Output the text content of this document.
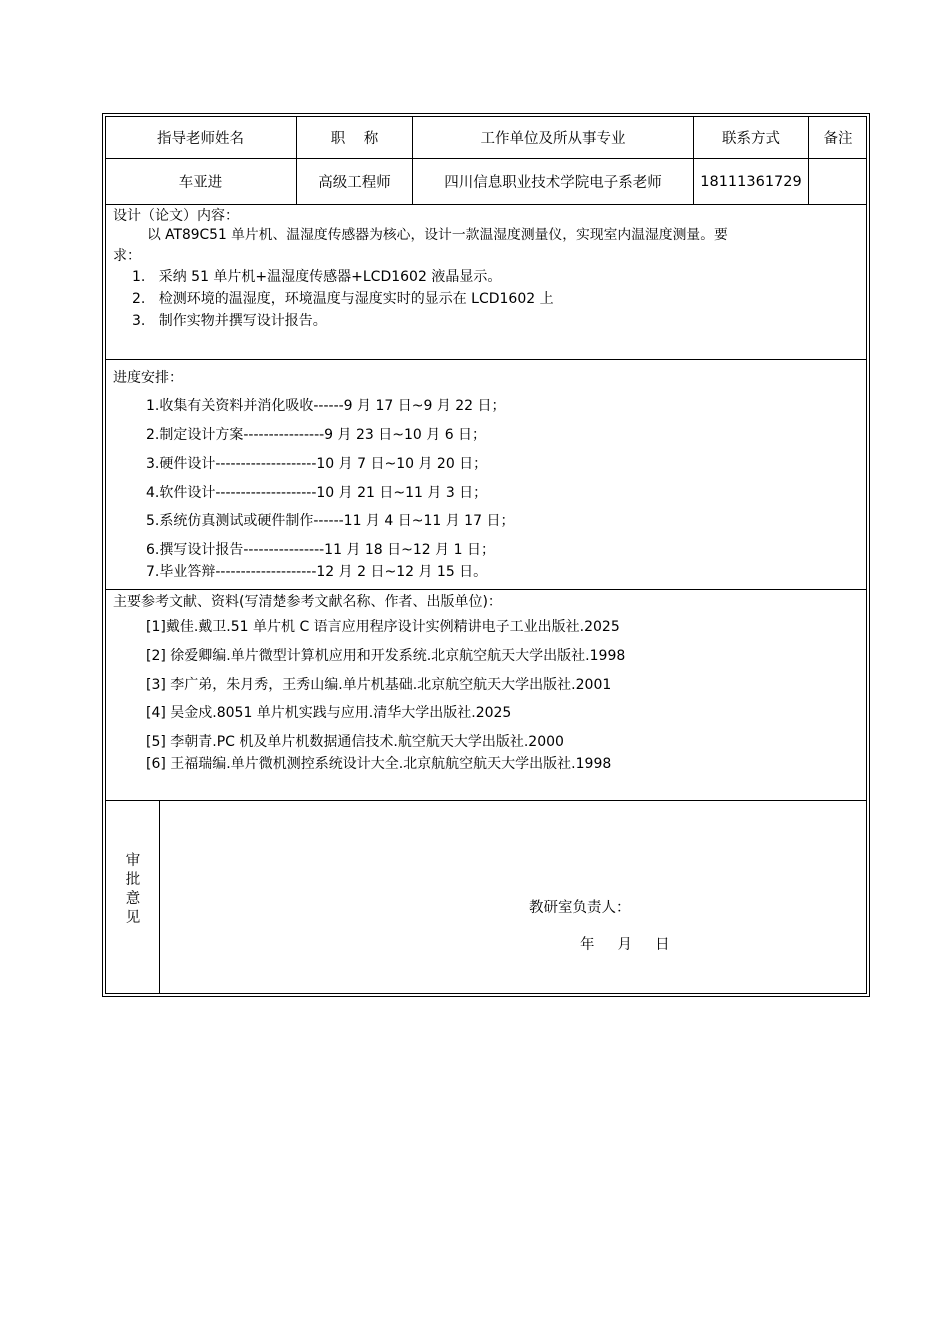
指导老师姓名	职    称	工作单位及所从事专业	联系方式	备注
车亚进	高级工程师	四川信息职业技术学院电子系老师	18111361729
设计（论文）内容：
以 AT89C51 单片机、温湿度传感器为核心，设计一款温湿度测量仪，实现室内温湿度测量。要
求：
1.   采纳 51 单片机+温湿度传感器+LCD1602 液晶显示。
2.   检测环境的温湿度，环境温度与湿度实时的显示在 LCD1602 上
3.   制作实物并撰写设计报告。
进度安排：
1.收集有关资料并消化吸收------9 月 17 日~9 月 22 日；
2.制定设计方案----------------9 月 23 日~10 月 6 日；
3.硬件设计--------------------10 月 7 日~10 月 20 日；
4.软件设计--------------------10 月 21 日~11 月 3 日；
5.系统仿真测试或硬件制作------11 月 4 日~11 月 17 日；
6.撰写设计报告----------------11 月 18 日~12 月 1 日；
7.毕业答辩--------------------12 月 2 日~12 月 15 日。
主要参考文献、资料(写清楚参考文献名称、作者、出版单位)：
[1]戴佳.戴卫.51 单片机 C 语言应用程序设计实例精讲电子工业出版社.2025
[2] 徐爱卿编.单片微型计算机应用和开发系统.北京航空航天大学出版社.1998
[3] 李广弟，朱月秀，王秀山编.单片机基础.北京航空航天大学出版社.2001
[4] 吴金戍.8051 单片机实践与应用.清华大学出版社.2025
[5] 李朝青.PC 机及单片机数据通信技术.航空航天大学出版社.2000
[6] 王福瑞编.单片微机测控系统设计大全.北京航航空航天大学出版社.1998
审
批
意
见
教研室负责人：
年     月     日
